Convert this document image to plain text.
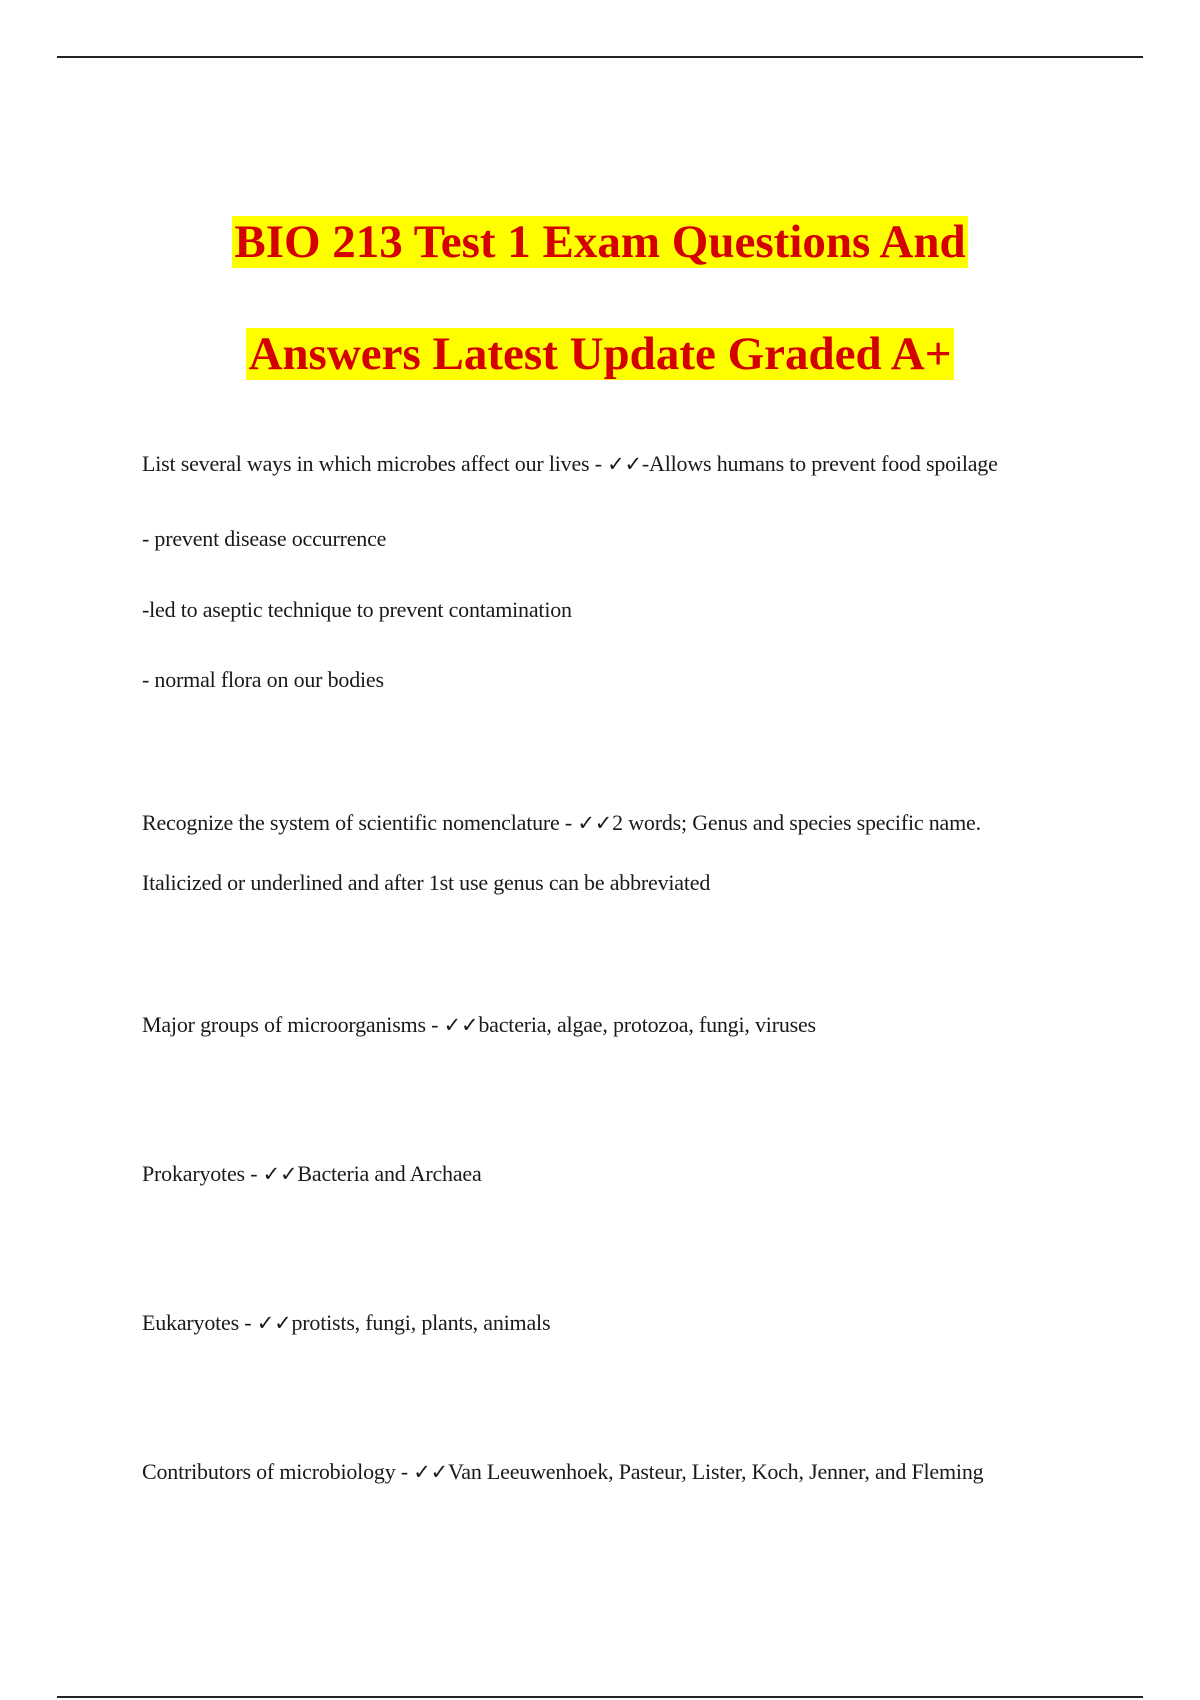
BIO 213 Test 1 Exam Questions And
Answers Latest Update Graded A+
List several ways in which microbes affect our lives - ✓✓-Allows humans to prevent food spoilage
- prevent disease occurrence
-led to aseptic technique to prevent contamination
- normal flora on our bodies
Recognize the system of scientific nomenclature - ✓✓2 words; Genus and species specific name.
Italicized or underlined and after 1st use genus can be abbreviated
Major groups of microorganisms - ✓✓bacteria, algae, protozoa, fungi, viruses
Prokaryotes - ✓✓Bacteria and Archaea
Eukaryotes - ✓✓protists, fungi, plants, animals
Contributors of microbiology - ✓✓Van Leeuwenhoek, Pasteur, Lister, Koch, Jenner, and Fleming
